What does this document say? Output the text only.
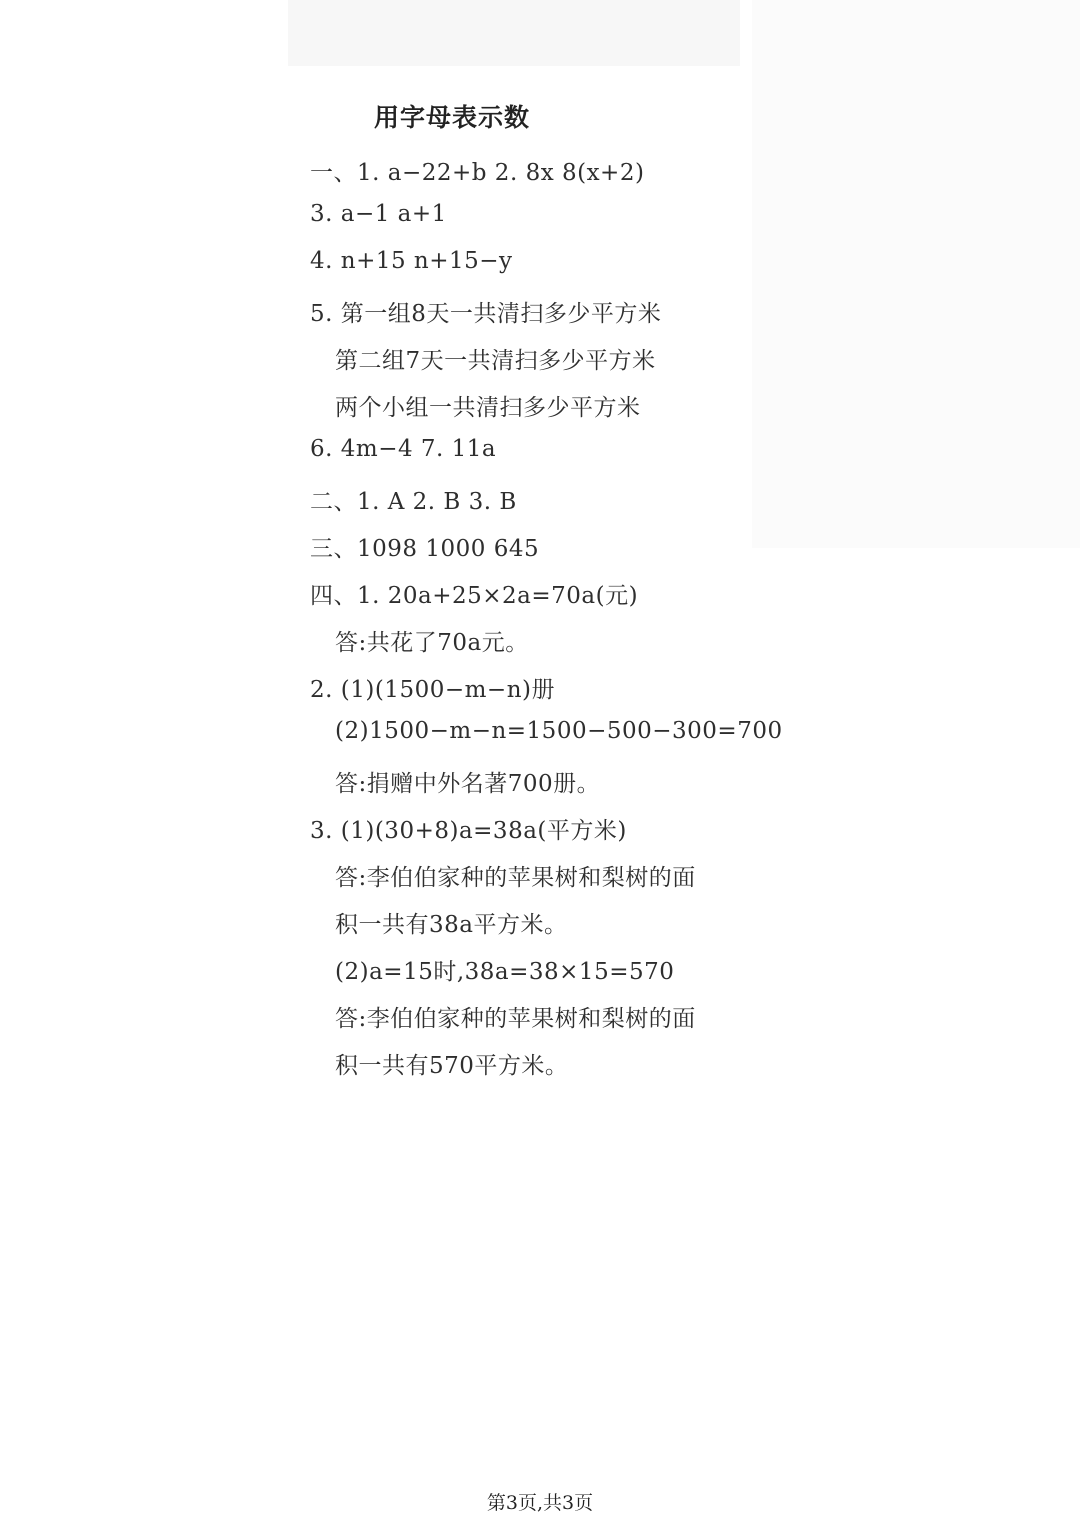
用字母表示数
一、1. a−22+b 2. 8x 8(x+2)
3. a−1 a+1
4. n+15 n+15−y
5. 第一组8天一共清扫多少平方米
第二组7天一共清扫多少平方米
两个小组一共清扫多少平方米
6. 4m−4 7. 11a
二、1. A 2. B 3. B
三、1098 1000 645
四、1. 20a+25×2a=70a(元)
答:共花了70a元。
2. (1)(1500−m−n)册
(2)1500−m−n=1500−500−300=700
答:捐赠中外名著700册。
3. (1)(30+8)a=38a(平方米)
答:李伯伯家种的苹果树和梨树的面
积一共有38a平方米。
(2)a=15时,38a=38×15=570
答:李伯伯家种的苹果树和梨树的面
积一共有570平方米。
第3页,共3页
